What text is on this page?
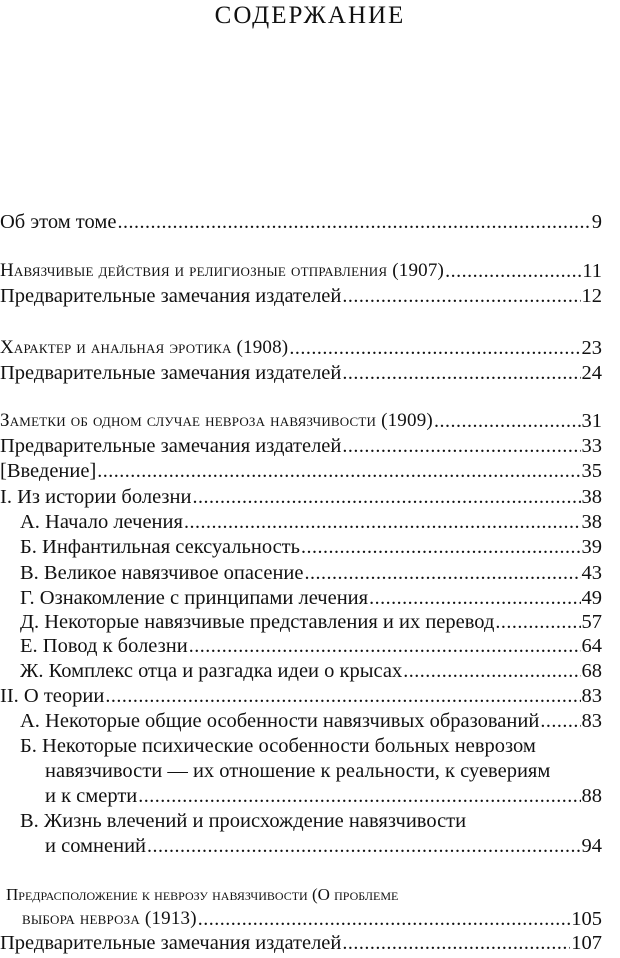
СОДЕРЖАНИЕ
Об этом томе .....	9
Навязчивые действия и религиозные отправления (1907) .....	11
Предварительные замечания издателей .....	12
Характер и анальная эротика (1908) .....	23
Предварительные замечания издателей .....	24
Заметки об одном случае невроза навязчивости (1909) .....	31
Предварительные замечания издателей .....	33
[Введение] .....	35
I. Из истории болезни .....	38
А. Начало лечения .....	38
Б. Инфантильная сексуальность .....	39
В. Великое навязчивое опасение .....	43
Г. Ознакомление с принципами лечения .....	49
Д. Некоторые навязчивые представления и их перевод .....	57
Е. Повод к болезни .....	64
Ж. Комплекс отца и разгадка идеи о крысах .....	68
II. О теории .....	83
А. Некоторые общие особенности навязчивых образований ..... 83
Б. Некоторые психические особенности больных неврозом
навязчивости — их отношение к реальности, к суевериям
и к смерти .....	88
В. Жизнь влечений и происхождение навязчивости
и сомнений .....	94
Предрасположение к неврозу навязчивости (О проблеме
выбора невроза (1913) .....	105
Предварительные замечания издателей .....	107
